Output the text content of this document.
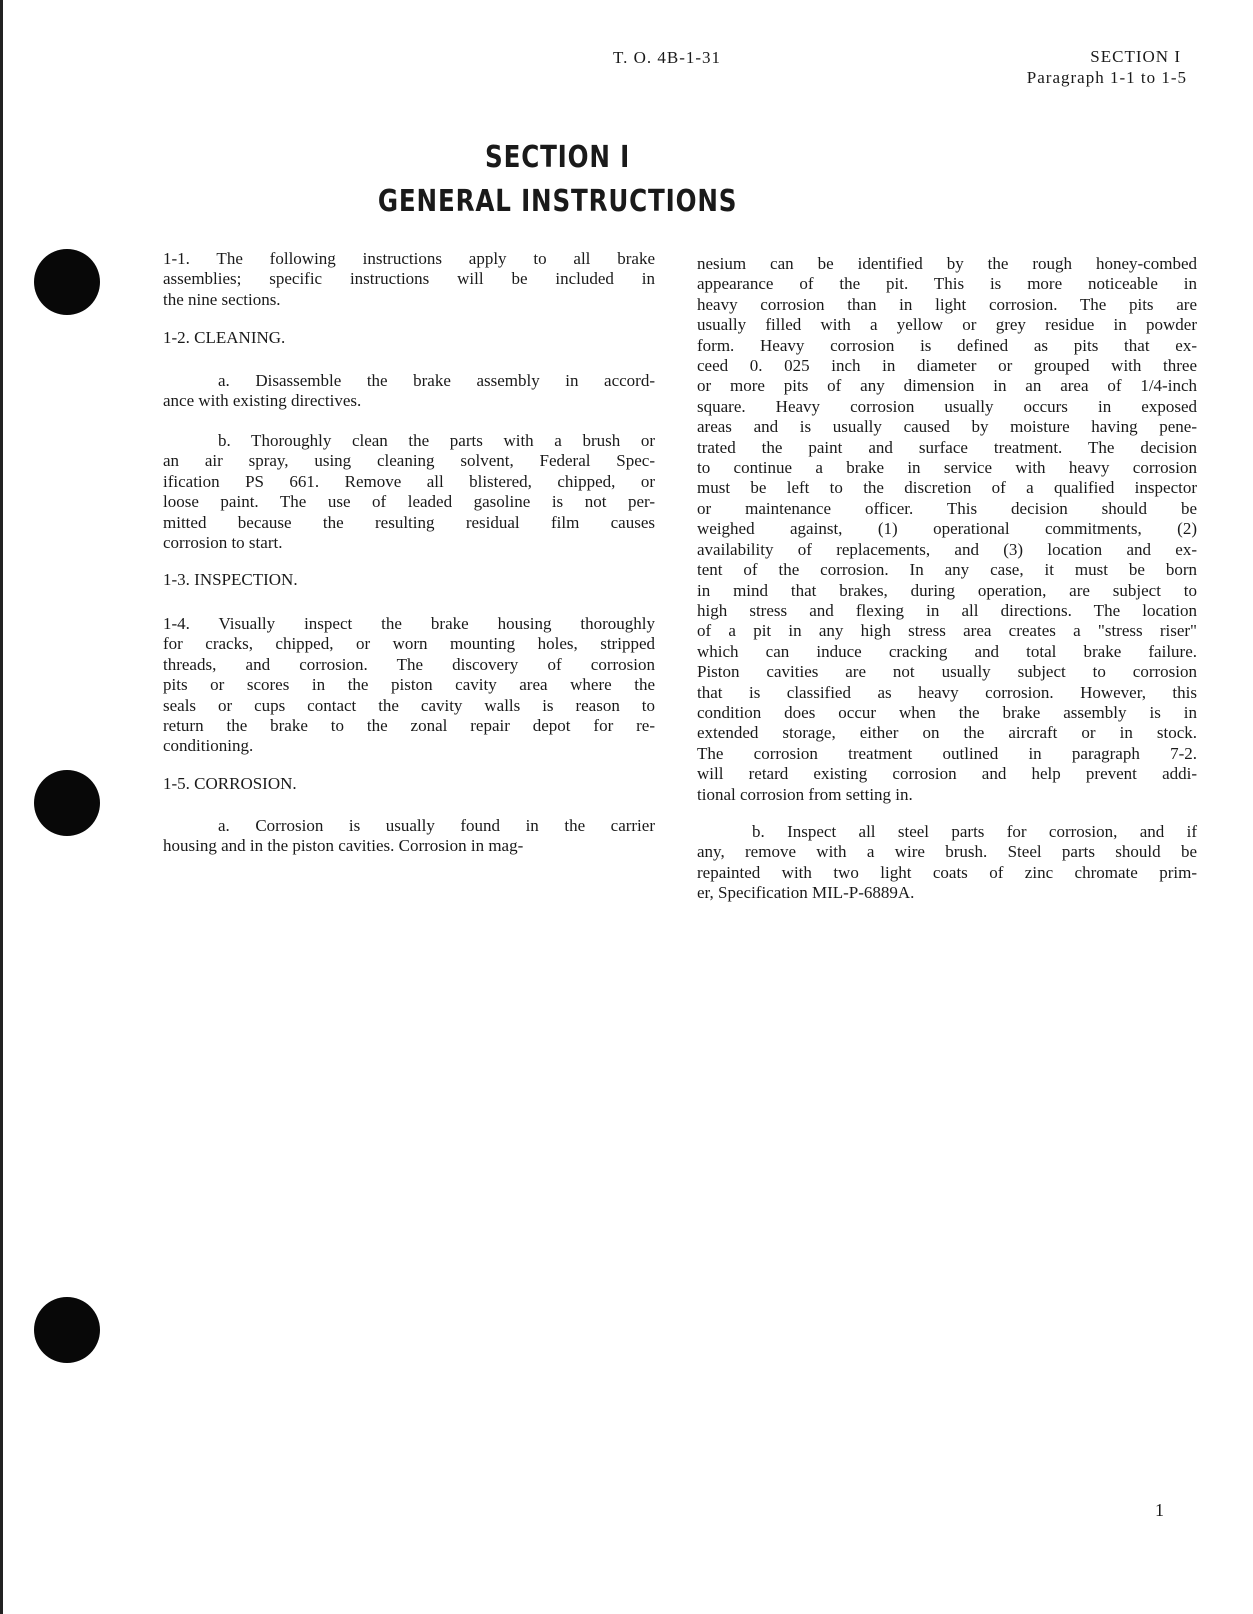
T. O. 4B-1-31	SECTION I
Paragraph 1-1 to 1-5
SECTION I
GENERAL INSTRUCTIONS
1-1. The following instructions apply to all brake
assemblies; specific instructions will be included in
the nine sections.
1-2. CLEANING.
a. Disassemble the brake assembly in accord-
ance with existing directives.
b. Thoroughly clean the parts with a brush or
an air spray, using cleaning solvent, Federal Spec-
ification PS 661. Remove all blistered, chipped, or
loose paint. The use of leaded gasoline is not per-
mitted because the resulting residual film causes
corrosion to start.
1-3. INSPECTION.
1-4. Visually inspect the brake housing thoroughly
for cracks, chipped, or worn mounting holes, stripped
threads, and corrosion. The discovery of corrosion
pits or scores in the piston cavity area where the
seals or cups contact the cavity walls is reason to
return the brake to the zonal repair depot for re-
conditioning.
1-5. CORROSION.
a. Corrosion is usually found in the carrier
housing and in the piston cavities. Corrosion in mag-
nesium can be identified by the rough honey-combed
appearance of the pit. This is more noticeable in
heavy corrosion than in light corrosion. The pits are
usually filled with a yellow or grey residue in powder
form. Heavy corrosion is defined as pits that ex-
ceed 0. 025 inch in diameter or grouped with three
or more pits of any dimension in an area of 1/4-inch
square. Heavy corrosion usually occurs in exposed
areas and is usually caused by moisture having pene-
trated the paint and surface treatment. The decision
to continue a brake in service with heavy corrosion
must be left to the discretion of a qualified inspector
or maintenance officer. This decision should be
weighed against, (1) operational commitments, (2)
availability of replacements, and (3) location and ex-
tent of the corrosion. In any case, it must be born
in mind that brakes, during operation, are subject to
high stress and flexing in all directions. The location
of a pit in any high stress area creates a "stress riser"
which can induce cracking and total brake failure.
Piston cavities are not usually subject to corrosion
that is classified as heavy corrosion. However, this
condition does occur when the brake assembly is in
extended storage, either on the aircraft or in stock.
The corrosion treatment outlined in paragraph 7-2.
will retard existing corrosion and help prevent addi-
tional corrosion from setting in.
b. Inspect all steel parts for corrosion, and if
any, remove with a wire brush. Steel parts should be
repainted with two light coats of zinc chromate prim-
er, Specification MIL-P-6889A.
1
